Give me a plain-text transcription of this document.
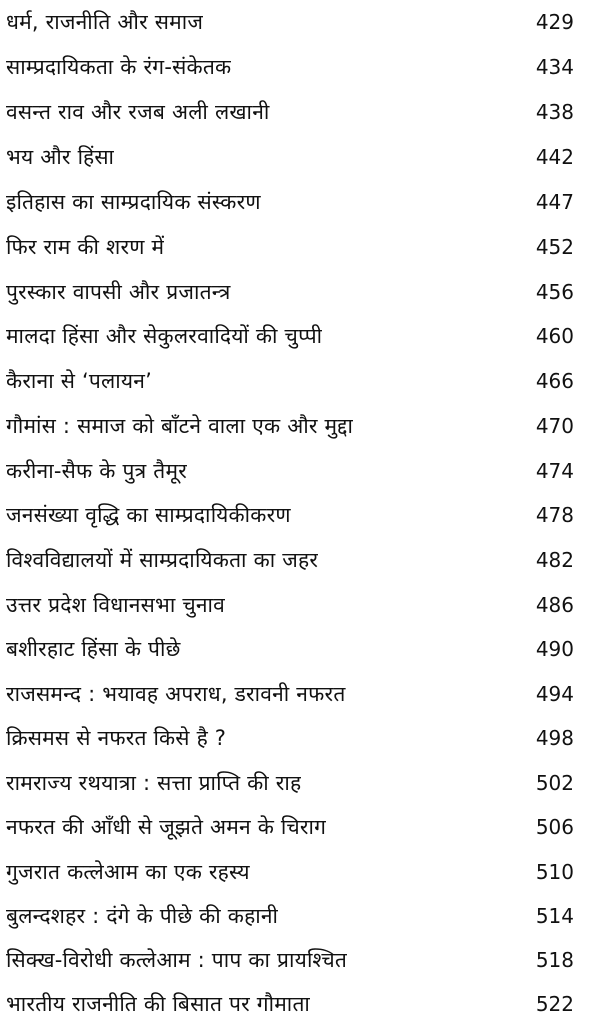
धर्म, राजनीति और समाज	429
साम्प्रदायिकता के रंग-संकेतक	434
वसन्त राव और रजब अली लखानी	438
भय और हिंसा	442
इतिहास का साम्प्रदायिक संस्करण	447
फिर राम की शरण में	452
पुरस्कार वापसी और प्रजातन्त्र	456
मालदा हिंसा और सेकुलरवादियों की चुप्पी	460
कैराना से ‘पलायन’	466
गौमांस : समाज को बाँटने वाला एक और मुद्दा	470
करीना-सैफ के पुत्र तैमूर	474
जनसंख्या वृद्धि का साम्प्रदायिकीकरण	478
विश्वविद्यालयों में साम्प्रदायिकता का जहर	482
उत्तर प्रदेश विधानसभा चुनाव	486
बशीरहाट हिंसा के पीछे	490
राजसमन्द : भयावह अपराध, डरावनी नफरत	494
क्रिसमस से नफरत किसे है ?	498
रामराज्य रथयात्रा : सत्ता प्राप्ति की राह	502
नफरत की आँधी से जूझते अमन के चिराग	506
गुजरात कत्लेआम का एक रहस्य	510
बुलन्दशहर : दंगे के पीछे की कहानी	514
सिक्ख-विरोधी कत्लेआम : पाप का प्रायश्चित	518
भारतीय राजनीति की बिसात पर गौमाता	522
